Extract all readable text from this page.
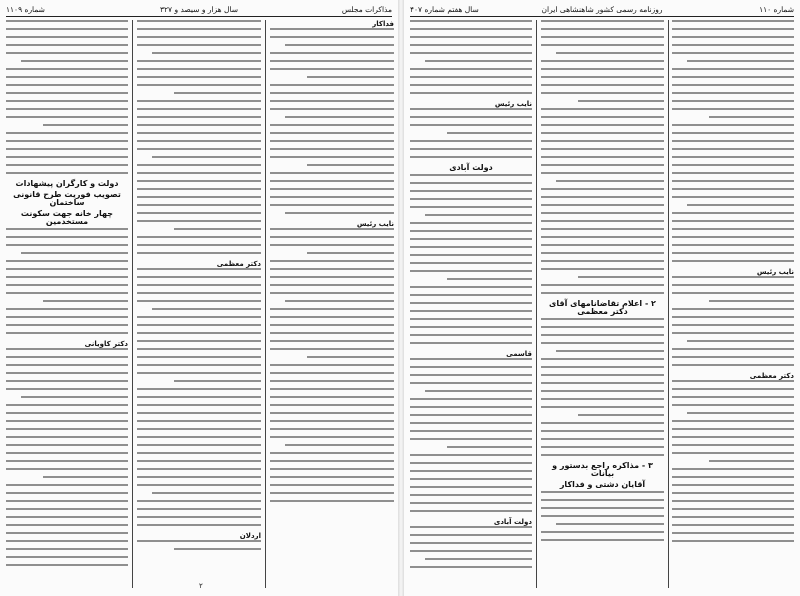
مذاکرات مجلس
سال هزار و سیصد و ۳۲۷
شماره ۱۱۰۹
فداکار
نایب رئیس
دکتر معظمی
اردلان
دولت و کارگران پیشهادات
تصویب فوریت طرح قانونی ساختمان
چهار خانه جهت سکونت مستخدمین
دکتر کاویانی
۲
شماره ۱۱۰
روزنامه رسمی کشور شاهنشاهی ایران
سال هفتم شماره ۴۰۷
نایب رئیس
دکتر معظمی
۲ - اعلام تقاضانامهای آقای دکتر معظمی
۳ - مذاکره راجع بدستور و بیانات
آقایان دشتی و فداکار
نایب رئیس
دولت آبادی
قاسمی
دولت آبادی
